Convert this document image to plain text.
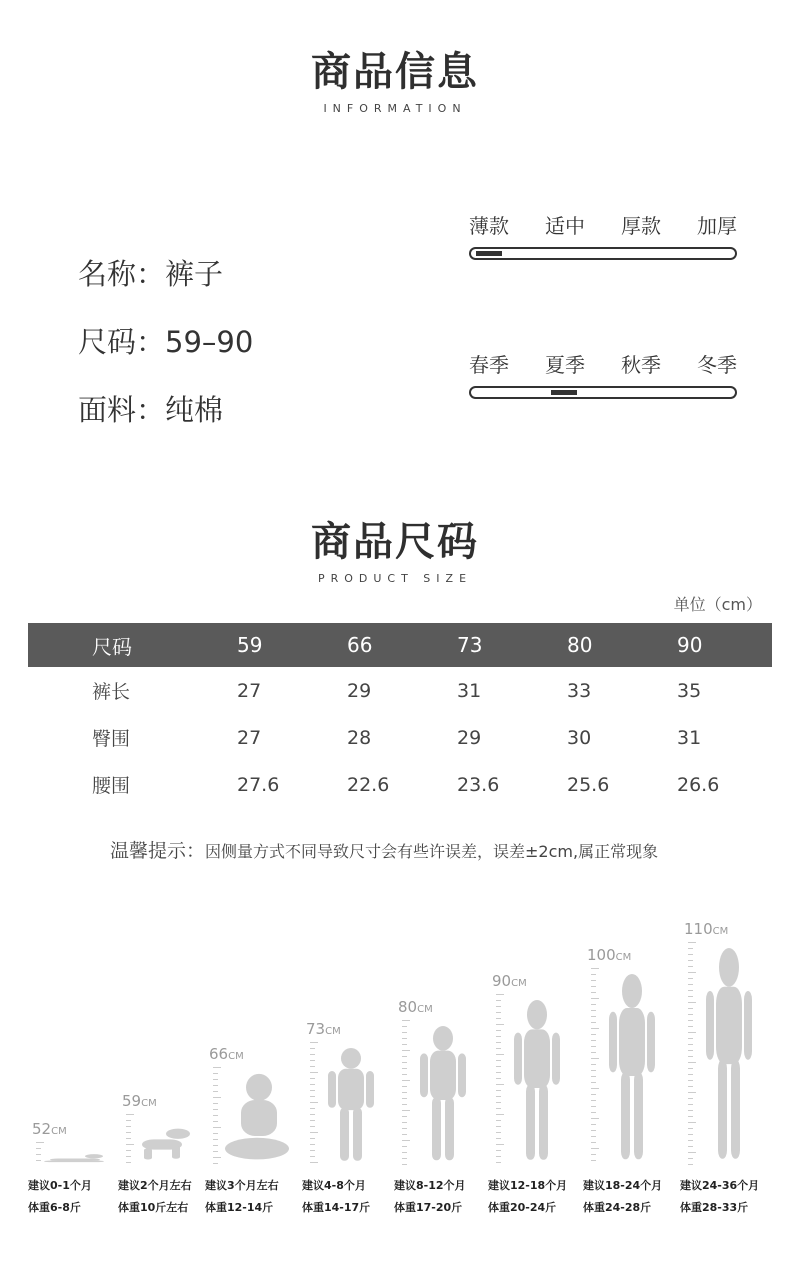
商品信息
INFORMATION
名称：裤子
尺码：59–90
面料：纯棉
薄款 适中 厚款 加厚
春季 夏季 秋季 冬季
商品尺码
PRODUCT SIZE
单位（cm）
尺码	59	66	73	80	90
裤长	27	29	31	33	35
臀围	27	28	29	30	31
腰围	27.6	22.6	23.6	25.6	26.6
温馨提示：因侧量方式不同导致尺寸会有些许误差，误差±2cm,属正常现象
52CM
建议0-1个月
体重6-8斤
59CM
建议2个月左右
体重10斤左右
66CM
建议3个月左右
体重12-14斤
73CM
建议4-8个月
体重14-17斤
80CM
建议8-12个月
体重17-20斤
90CM
建议12-18个月
体重20-24斤
100CM
建议18-24个月
体重24-28斤
110CM
建议24-36个月
体重28-33斤
